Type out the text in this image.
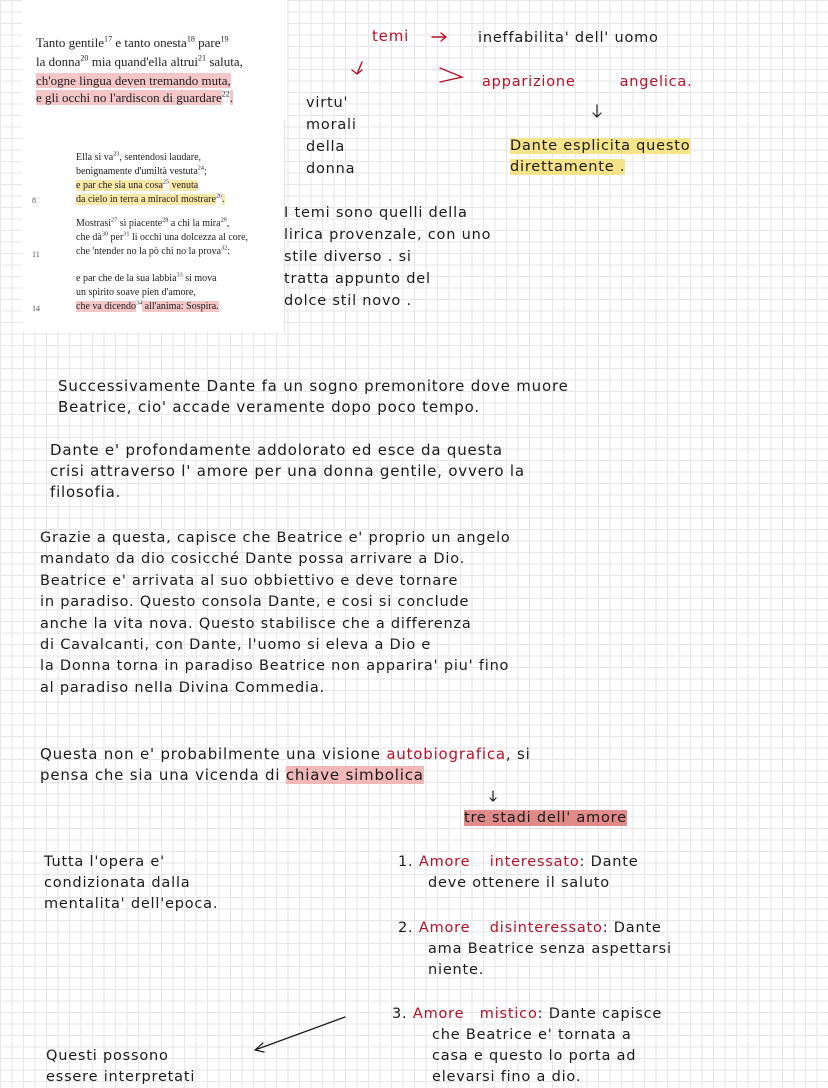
Tanto gentile$^{17}$ e tanto onesta$^{18}$ pare$^{19}$
la donna$^{20}$ mia quand'ella altrui$^{21}$ saluta,
ch'ogne lingua deven tremando muta,
e gli occhi no l'ardiscon di guardare$^{22}$.
Ella si $va^{23}$, sentendosi laudare,
benignamente d'umiltà vestuta$^{24}$;
e par che sia una cosa$^{25}$ venuta
da cielo in terra a miracol mostrare$^{26}$.
Mostrasi$^{27}$ sì piacente$^{28}$ a chi la mira$^{29}$,
che $dà^{30}$ per$^{31}$ li occhi una dolcezza al core,
che 'ntender no la pò chi no la prova$^{32}$:
e par che de la sua labbia$^{33}$ si mova
un spirito soave pien d'amore,
che va dicendo$^{34}$ all'anima: Sospira.
8
11
14
temi	ineffabilita' dell' uomo
apparizione	angelica.
virtu'
morali
della
donna
Dante esplicita questo
direttamente .
I temi sono quelli della
lirica provenzale, con uno
stile diverso . si
tratta appunto del
dolce stil novo .
Successivamente Dante fa un sogno premonitore dove muore
Beatrice, cio' accade veramente dopo poco tempo.
Dante e' profondamente addolorato ed esce da questa
crisi attraverso l' amore per una donna gentile, ovvero la
filosofia.
Grazie a questa, capisce che Beatrice e' proprio un angelo
mandato da dio cosicché Dante possa arrivare a Dio.
Beatrice e' arrivata al suo obbiettivo e deve tornare
in paradiso. Questo consola Dante, e cosi si conclude
anche la vita nova. Questo stabilisce che a differenza
di Cavalcanti, con Dante, l'uomo si eleva a Dio e
la Donna torna in paradiso Beatrice non apparira' piu' fino
al paradiso nella Divina Commedia.
Questa non e' probabilmente una visione autobiografica, si
pensa che sia una vicenda di chiave simbolica
tre stadi dell' amore
Tutta l'opera e'
condizionata dalla
mentalita' dell'epoca.
1. Amore interessato: Dante
deve ottenere il saluto
2. Amore disinteressato: Dante
ama Beatrice senza aspettarsi
niente.
3. Amore mistico: Dante capisce
che Beatrice e' tornata a
casa e questo lo porta ad
elevarsi fino a dio.
Questi possono
essere interpretati
